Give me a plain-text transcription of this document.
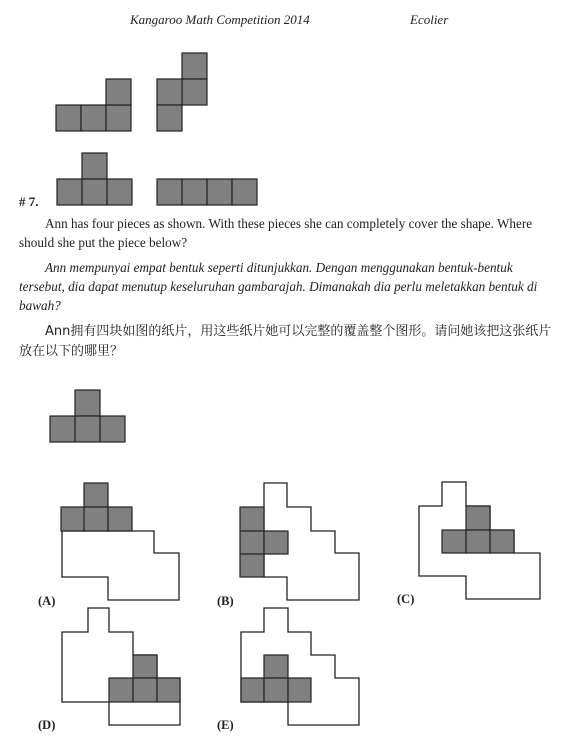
Kangaroo Math Competition 2014	Ecolier
# 7.
Ann has four pieces as shown. With these pieces she can completely cover the shape. Where should she put the piece below?
Ann mempunyai empat bentuk seperti ditunjukkan. Dengan menggunakan bentuk-bentuk tersebut, dia dapat menutup keseluruhan gambarajah. Dimanakah dia perlu meletakkan bentuk di bawah?
Ann拥有四块如图的纸片，用这些纸片她可以完整的覆盖整个图形。请问她该把这张纸片放在以下的哪里？
(A)	(B)	(C)
(D)	(E)
